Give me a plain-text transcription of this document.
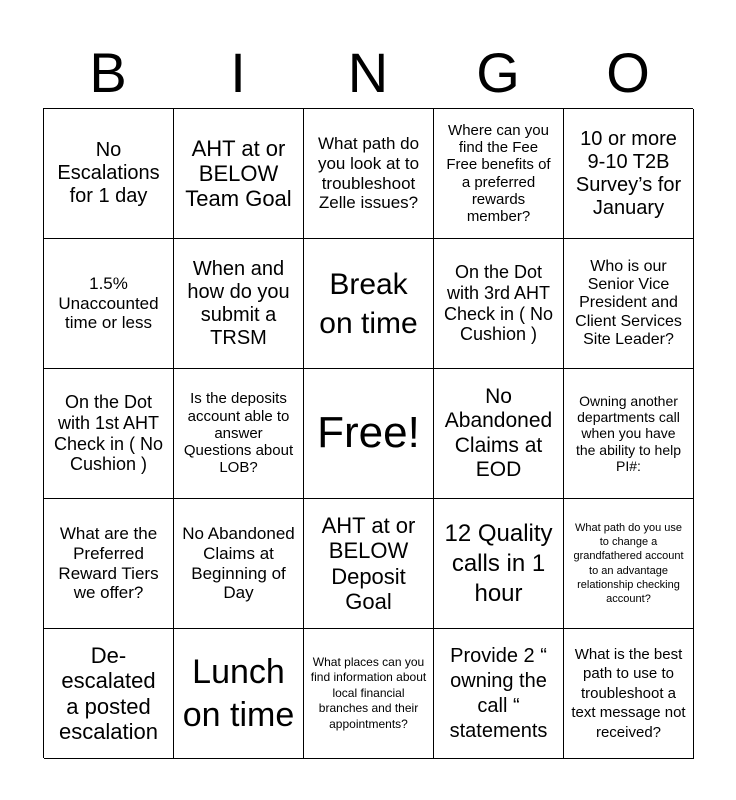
B	I	N	G	O
No Escalations for 1 day
AHT at or BELOW Team Goal
What path do you look at to troubleshoot Zelle issues?
Where can you find the Fee Free benefits of a preferred rewards member?
10 or more 9-10 T2B Survey’s for January
1.5% Unaccounted time or less
When and how do you submit a TRSM
Break on time
On the Dot with 3rd AHT Check in ( No Cushion )
Who is our Senior Vice President and Client Services Site Leader?
On the Dot with 1st AHT Check in ( No Cushion )
Is the deposits account able to answer Questions about LOB?
Free!
No Abandoned Claims at EOD
Owning another departments call when you have the ability to help PI#:
What are the Preferred Reward Tiers we offer?
No Abandoned Claims at Beginning of Day
AHT at or BELOW Deposit Goal
12 Quality calls in 1 hour
What path do you use to change a grandfathered account to an advantage relationship checking account?
De-escalated a posted escalation
Lunch on time
What places can you find information about local financial branches and their appointments?
Provide 2 “ owning the call “ statements
What is the best path to use to troubleshoot a text message not received?
